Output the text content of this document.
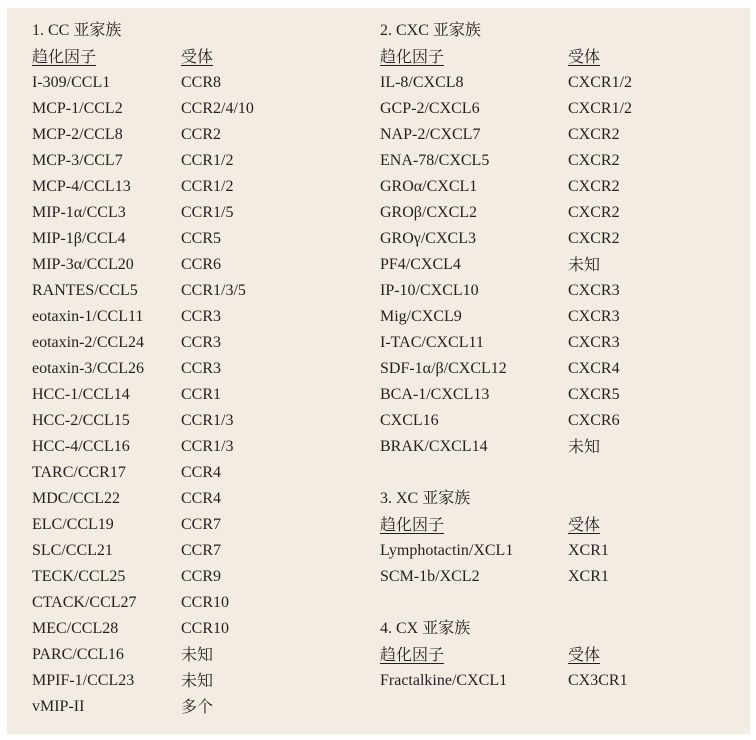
1. CC 亚家族
趋化因子	受体
I-309/CCL1	CCR8
MCP-1/CCL2	CCR2/4/10
MCP-2/CCL8	CCR2
MCP-3/CCL7	CCR1/2
MCP-4/CCL13	CCR1/2
MIP-1α/CCL3	CCR1/5
MIP-1β/CCL4	CCR5
MIP-3α/CCL20	CCR6
RANTES/CCL5	CCR1/3/5
eotaxin-1/CCL11 CCR3
eotaxin-2/CCL24 CCR3
eotaxin-3/CCL26 CCR3
HCC-1/CCL14	CCR1
HCC-2/CCL15	CCR1/3
HCC-4/CCL16	CCR1/3
TARC/CCR17	CCR4
MDC/CCL22	CCR4
ELC/CCL19	CCR7
SLC/CCL21	CCR7
TECK/CCL25	CCR9
CTACK/CCL27	CCR10
MEC/CCL28	CCR10
PARC/CCL16	未知
MPIF-1/CCL23	未知
vMIP-II	多个
2. CXC 亚家族
趋化因子	受体
IL-8/CXCL8	CXCR1/2
GCP-2/CXCL6	CXCR1/2
NAP-2/CXCL7	CXCR2
ENA-78/CXCL5	CXCR2
GROα/CXCL1	CXCR2
GROβ/CXCL2	CXCR2
GROγ/CXCL3	CXCR2
PF4/CXCL4	未知
IP-10/CXCL10	CXCR3
Mig/CXCL9	CXCR3
I-TAC/CXCL11	CXCR3
SDF-1α/β/CXCL12	CXCR4
BCA-1/CXCL13	CXCR5
CXCL16	CXCR6
BRAK/CXCL14	未知
3. XC 亚家族
趋化因子	受体
Lymphotactin/XCL1	XCR1
SCM-1b/XCL2	XCR1
4. CX 亚家族
趋化因子	受体
Fractalkine/CXCL1	CX3CR1
